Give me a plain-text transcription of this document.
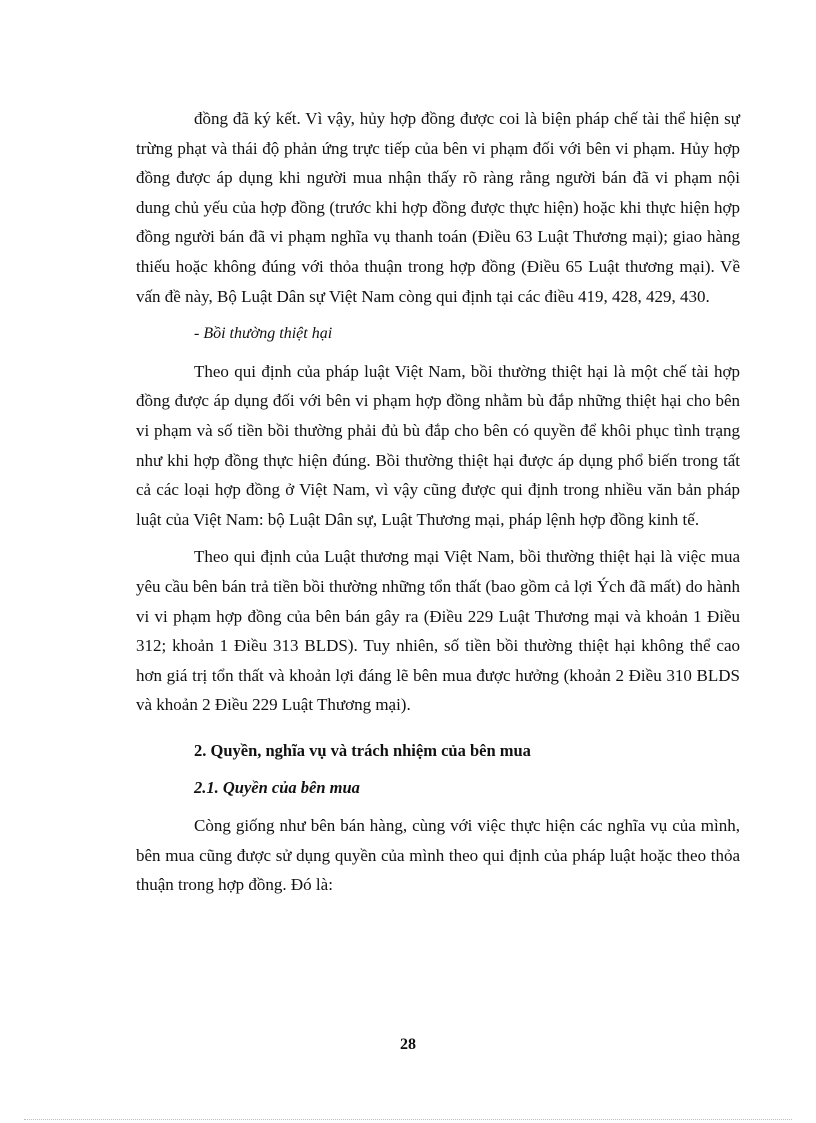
đồng đã ký kết. Vì vậy, hủy hợp đồng được coi là biện pháp chế tài thể hiện sự trừng phạt và thái độ phản ứng trực tiếp của bên vi phạm đối với bên vi phạm. Hủy hợp đồng được áp dụng khi người mua nhận thấy rõ ràng rằng người bán đã vi phạm nội dung chủ yếu của hợp đồng (trước khi hợp đồng được thực hiện) hoặc khi thực hiện hợp đồng người bán đã vi phạm nghĩa vụ thanh toán (Điều 63 Luật Thương mại); giao hàng thiếu hoặc không đúng với thỏa thuận trong hợp đồng (Điều 65 Luật thương mại). Về vấn đề này, Bộ Luật Dân sự Việt Nam còng qui định tại các điều 419, 428, 429, 430.

- Bồi thường thiệt hại

Theo qui định của pháp luật Việt Nam, bồi thường thiệt hại là một chế tài hợp đồng được áp dụng đối với bên vi phạm hợp đồng nhằm bù đắp những thiệt hại cho bên vi phạm và số tiền bồi thường phải đủ bù đắp cho bên có quyền để khôi phục tình trạng như khi hợp đồng thực hiện đúng. Bồi thường thiệt hại được áp dụng phổ biến trong tất cả các loại hợp đồng ở Việt Nam, vì vậy cũng được qui định trong nhiều văn bản pháp luật của Việt Nam: bộ Luật Dân sự, Luật Thương mại, pháp lệnh hợp đồng kinh tế.

Theo qui định của Luật thương mại Việt Nam, bồi thường thiệt hại là việc mua yêu cầu bên bán trả tiền bồi thường những tổn thất (bao gồm cả lợi Ých đã mất) do hành vi vi phạm hợp đồng của bên bán gây ra (Điều 229 Luật Thương mại và khoản 1 Điều 312; khoản 1 Điều 313 BLDS). Tuy nhiên, số tiền bồi thường thiệt hại không thể cao hơn giá trị tổn thất và khoản lợi đáng lẽ bên mua được hưởng (khoản 2 Điều 310 BLDS và khoản 2 Điều 229 Luật Thương mại).

2. Quyền, nghĩa vụ và trách nhiệm của bên mua

2.1. Quyền của bên mua

Còng giống như bên bán hàng, cùng với việc thực hiện các nghĩa vụ của mình, bên mua cũng được sử dụng quyền của mình theo qui định của pháp luật hoặc theo thỏa thuận trong hợp đồng. Đó là:

28
